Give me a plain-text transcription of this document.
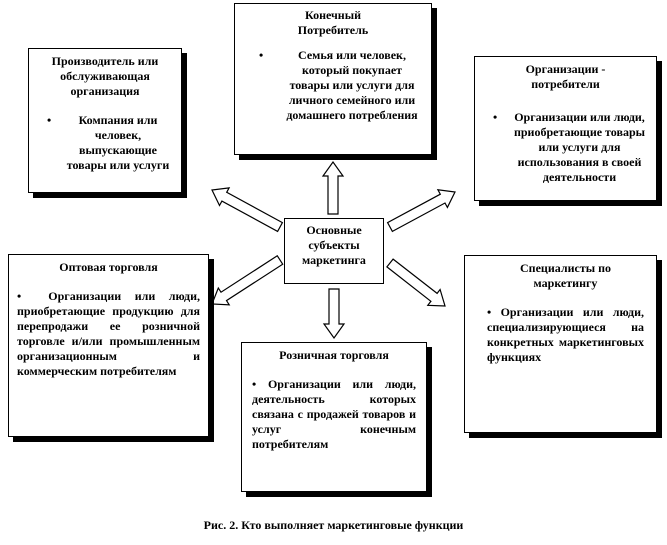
Основные
субъекты
маркетинга
Конечный
Потребитель
•	Семья или человек, который покупает товары или услуги для личного семейного или домашнего потребления
Производитель или
обслуживающая
организация
•	Компания или человек, выпускающие товары или услуги
Организации -
потребители
•	Организации или люди, приобретающие товары или услуги для использования в своей деятельности
Оптовая торговля
• Организации или люди, приобретающие продукцию для перепродажи ее розничной торговле и/или промышленным организационным и коммерческим потребителям
Розничная торговля
• Организации или люди, деятельность которых связана с продажей товаров и услуг конечным потребителям
Специалисты по
маркетингу
• Организации или люди, специализирующиеся на конкретных маркетинговых функциях
Рис. 2. Кто выполняет маркетинговые функции
